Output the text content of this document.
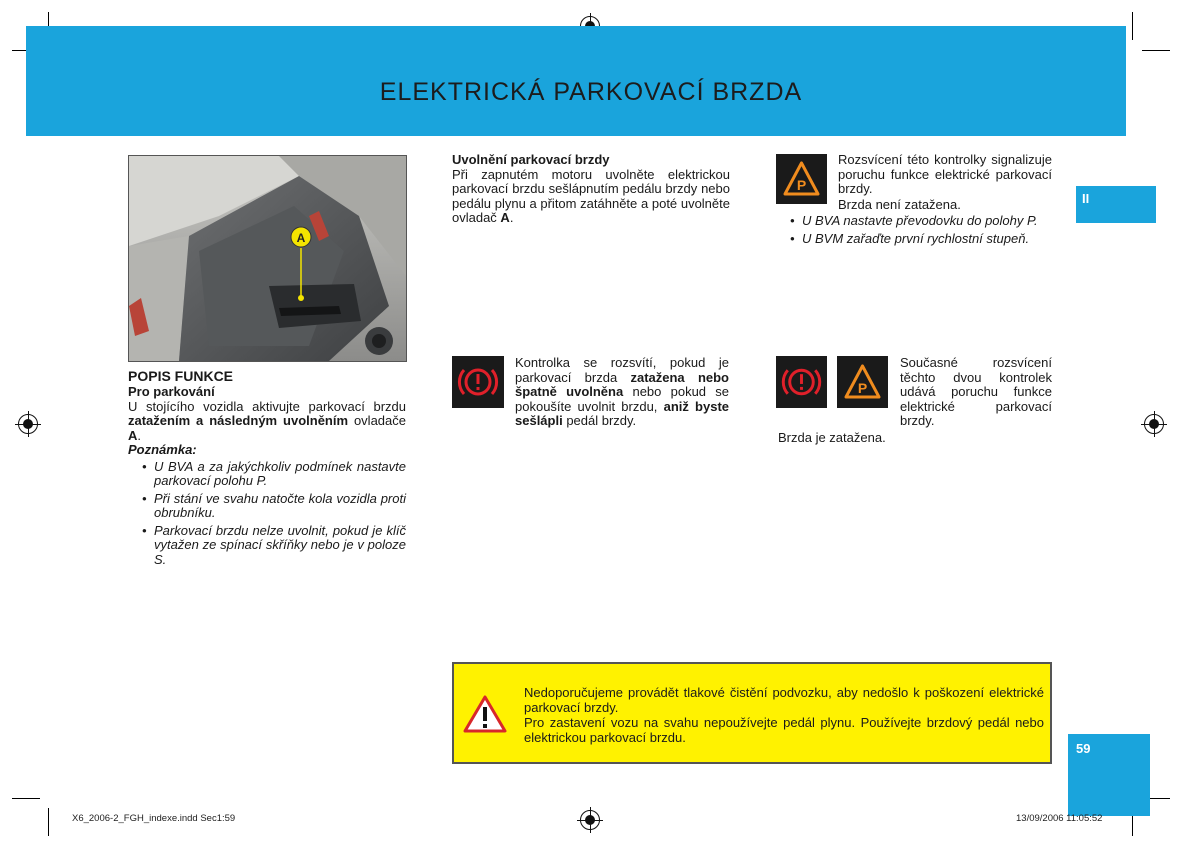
ELEKTRICKÁ PARKOVACÍ BRZDA
II
59
A
POPIS FUNKCE
Pro parkování
U stojícího vozidla aktivujte parkovací brzdu zatažením a následným uvolněním ovladače A.
Poznámka:
• U BVA a za jakýchkoliv podmínek nastavte parkovací polohu P.
• Při stání ve svahu natočte kola vozidla proti obrubníku.
• Parkovací brzdu nelze uvolnit, pokud je klíč vytažen ze spínací skříňky nebo je v poloze S.
Uvolnění parkovací brzdy
Při zapnutém motoru uvolněte elektrickou parkovací brzdu sešlápnutím pedálu brzdy nebo pedálu plynu a přitom zatáhněte a poté uvolněte ovladač A.
Kontrolka se rozsvítí, pokud je parkovací brzda zatažena nebo špatně uvolněna nebo pokud se pokoušíte uvolnit brzdu, aniž byste sešlápli pedál brzdy.
P
Rozsvícení této kontrolky signalizuje poruchu funkce elektrické parkovací brzdy.
Brzda není zatažena.
• U BVA nastavte převodovku do polohy P.
• U BVM zařaďte první rychlostní stupeň.
P
Současné rozsvícení těchto dvou kontrolek udává poruchu funkce elektrické parkovací brzdy.
Brzda je zatažena.
Nedoporučujeme provádět tlakové čistění podvozku, aby nedošlo k poškození elektrické parkovací brzdy.
Pro zastavení vozu na svahu nepoužívejte pedál plynu. Používejte brzdový pedál nebo elektrickou parkovací brzdu.
X6_2006-2_FGH_indexe.indd Sec1:59	13/09/2006 11:05:52
